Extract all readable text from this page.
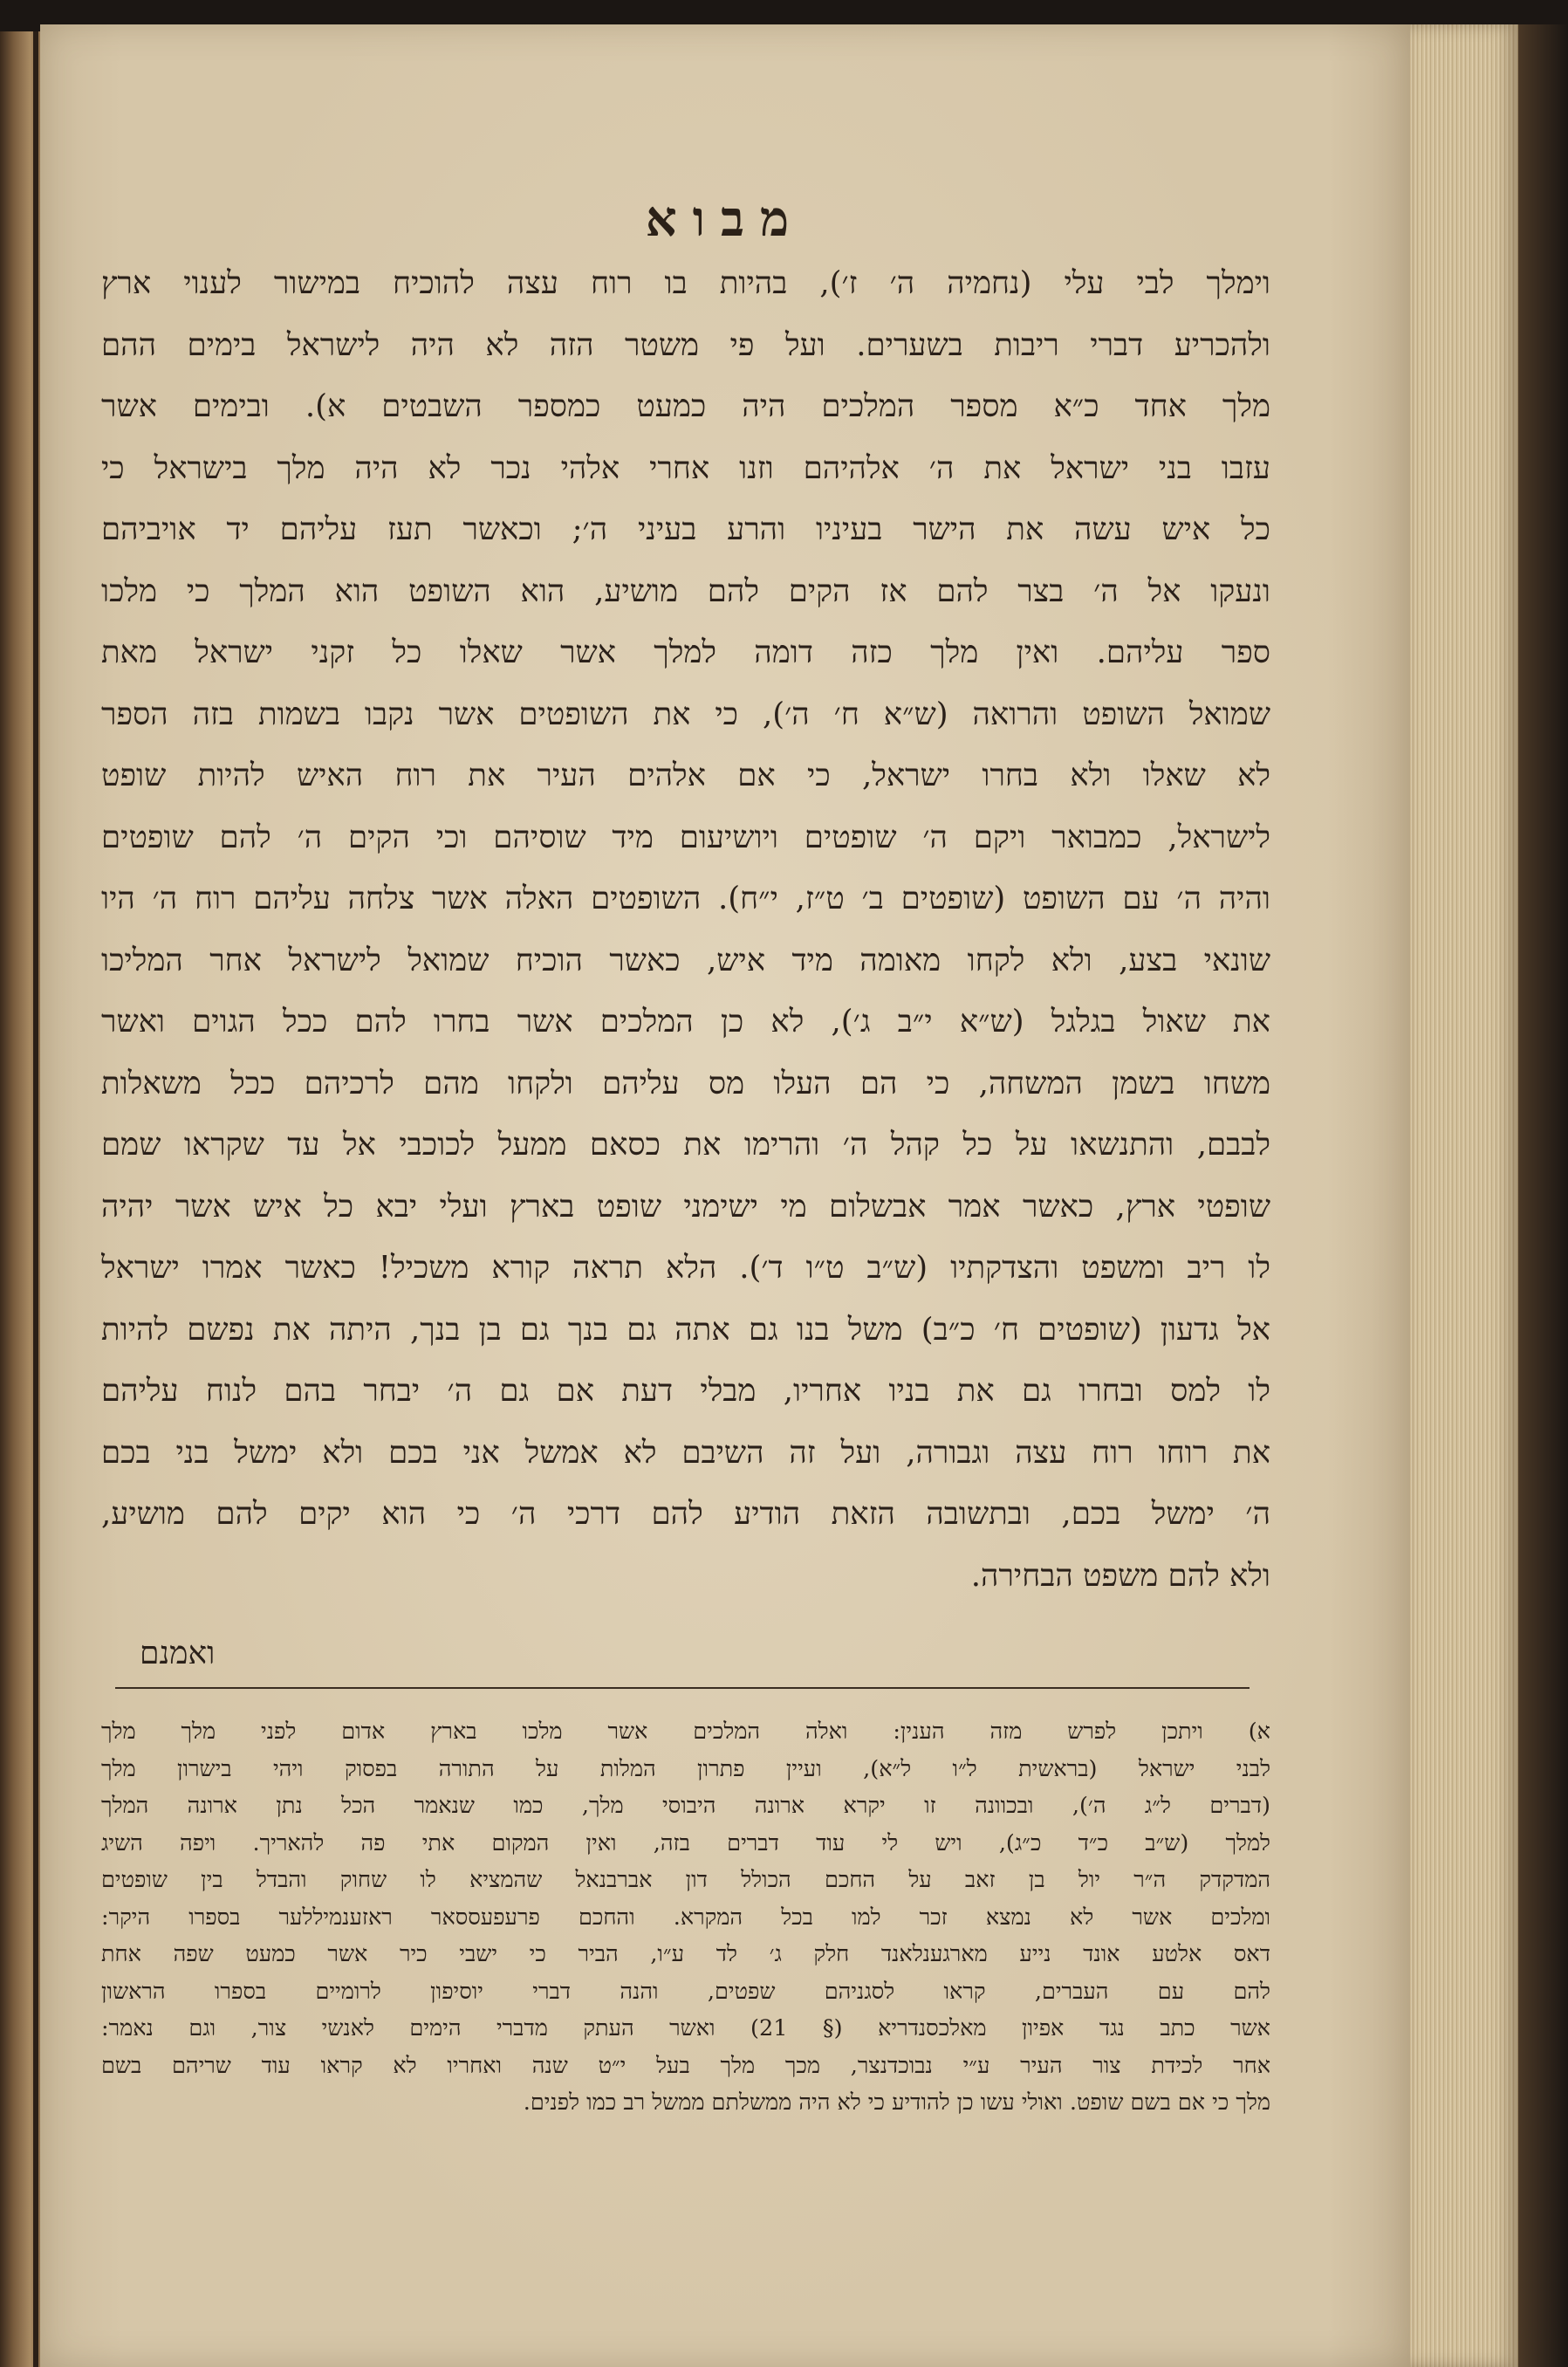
מבוא
וימלך לבי עלי (נחמיה ה׳ ז׳), בהיות בו רוח עצה להוכיח במישור לענוי ארץ
ולהכריע דברי ריבות בשערים. ועל פי משטר הזה לא היה לישראל בימים ההם
מלך אחד כ״א מספר המלכים היה כמעט כמספר השבטים א). ובימים אשר
עזבו בני ישראל את ה׳ אלהיהם וזנו אחרי אלהי נכר לא היה מלך בישראל כי
כל איש עשה את הישר בעיניו והרע בעיני ה׳; וכאשר תעז עליהם יד אויביהם
ונעקו אל ה׳ בצר להם אז הקים להם מושיע, הוא השופט הוא המלך כי מלכו
ספר עליהם. ואין מלך כזה דומה למלך אשר שאלו כל זקני ישראל מאת
שמואל השופט והרואה (ש״א ח׳ ה׳), כי את השופטים אשר נקבו בשמות בזה הספר
לא שאלו ולא בחרו ישראל, כי אם אלהים העיר את רוח האיש להיות שופט
לישראל, כמבואר ויקם ה׳ שופטים ויושיעום מיד שוסיהם וכי הקים ה׳ להם שופטים
והיה ה׳ עם השופט (שופטים ב׳ ט״ז, י״ח). השופטים האלה אשר צלחה עליהם רוח ה׳ היו
שונאי בצע, ולא לקחו מאומה מיד איש, כאשר הוכיח שמואל לישראל אחר המליכו
את שאול בגלגל (ש״א י״ב ג׳), לא כן המלכים אשר בחרו להם ככל הגוים ואשר
משחו בשמן המשחה, כי הם העלו מס עליהם ולקחו מהם לרכיהם ככל משאלות
לבבם, והתנשאו על כל קהל ה׳ והרימו את כסאם ממעל לכוכבי אל עד שקראו שמם
שופטי ארץ, כאשר אמר אבשלום מי ישימני שופט בארץ ועלי יבא כל איש אשר יהיה
לו ריב ומשפט והצדקתיו (ש״ב ט״ו ד׳). הלא תראה קורא משכיל! כאשר אמרו ישראל
אל גדעון (שופטים ח׳ כ״ב) משל בנו גם אתה גם בנך גם בן בנך, היתה את נפשם להיות
לו למס ובחרו גם את בניו אחריו, מבלי דעת אם גם ה׳ יבחר בהם לנוח עליהם
את רוחו רוח עצה וגבורה, ועל זה השיבם לא אמשל אני בכם ולא ימשל בני בכם
ה׳ ימשל בכם, ובתשובה הזאת הודיע להם דרכי ה׳ כי הוא יקים להם מושיע,
ולא להם משפט הבחירה.
ואמנם
א) ויתכן לפרש מזה הענין: ואלה המלכים אשר מלכו בארץ אדום לפני מלך מלך
לבני ישראל (בראשית ל״ו ל״א), ועיין פתרון המלות על התורה בפסוק ויהי בישרון מלך
(דברים ל״ג ה׳), ובכוונה זו יקרא ארונה היבוסי מלך, כמו שנאמר הכל נתן ארונה המלך
למלך (ש״ב כ״ד כ״ג), ויש לי עוד דברים בזה, ואין המקום אתי פה להאריך. ויפה השיג
המדקדק ה״ר יול בן זאב על החכם הכולל דון אברבנאל שהמציא לו שחוק והבדל בין שופטים
ומלכים אשר לא נמצא זכר למו בכל המקרא. והחכם פרעפעססאר ראזענמיללער בספרו היקר:
דאס אלטע אונד נייע מארגענלאנד חלק ג׳ לד ע״ו, הביר כי ישבי כיר אשר כמעט שפה אחת
להם עם העברים, קראו לסגניהם שפטים, והנה דברי יוסיפון לרומיים בספרו הראשון
אשר כתב נגד אפיון מאלכסנדריא (§ 21) ואשר העתק מדברי הימים לאנשי צור, וגם נאמר:
אחר לכידת צור העיר ע״י נבוכדנצר, מכך מלך בעל י״ט שנה ואחריו לא קראו עוד שריהם בשם
מלך כי אם בשם שופט. ואולי עשו כן להודיע כי לא היה ממשלתם ממשל רב כמו לפנים.
